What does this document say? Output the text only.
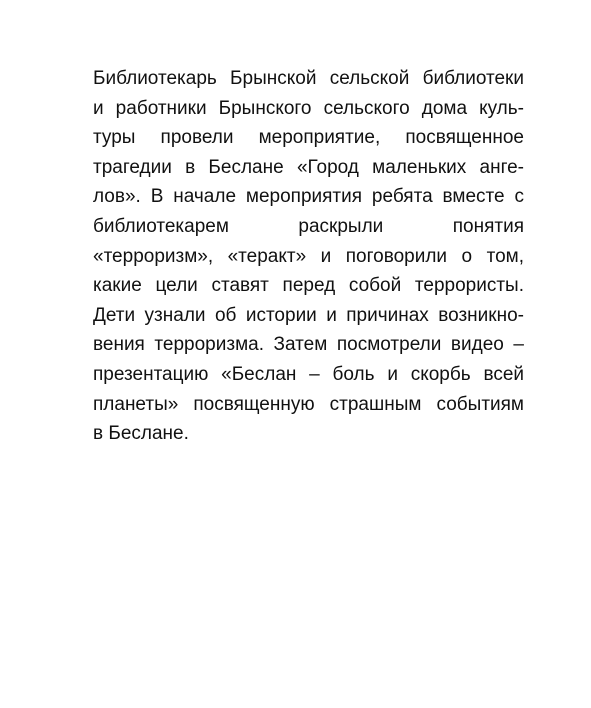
Библиотекарь Брынской сельской библиотеки
и работники Брынского сельского дома куль-
туры провели мероприятие, посвященное
трагедии в Беслане «Город маленьких анге-
лов». В начале мероприятия ребята вместе с
библиотекарем раскрыли понятия
«терроризм», «теракт» и поговорили о том,
какие цели ставят перед собой террористы.
Дети узнали об истории и причинах возникно-
вения терроризма. Затем посмотрели видео –
презентацию «Беслан – боль и скорбь всей
планеты» посвященную страшным событиям
в Беслане.
